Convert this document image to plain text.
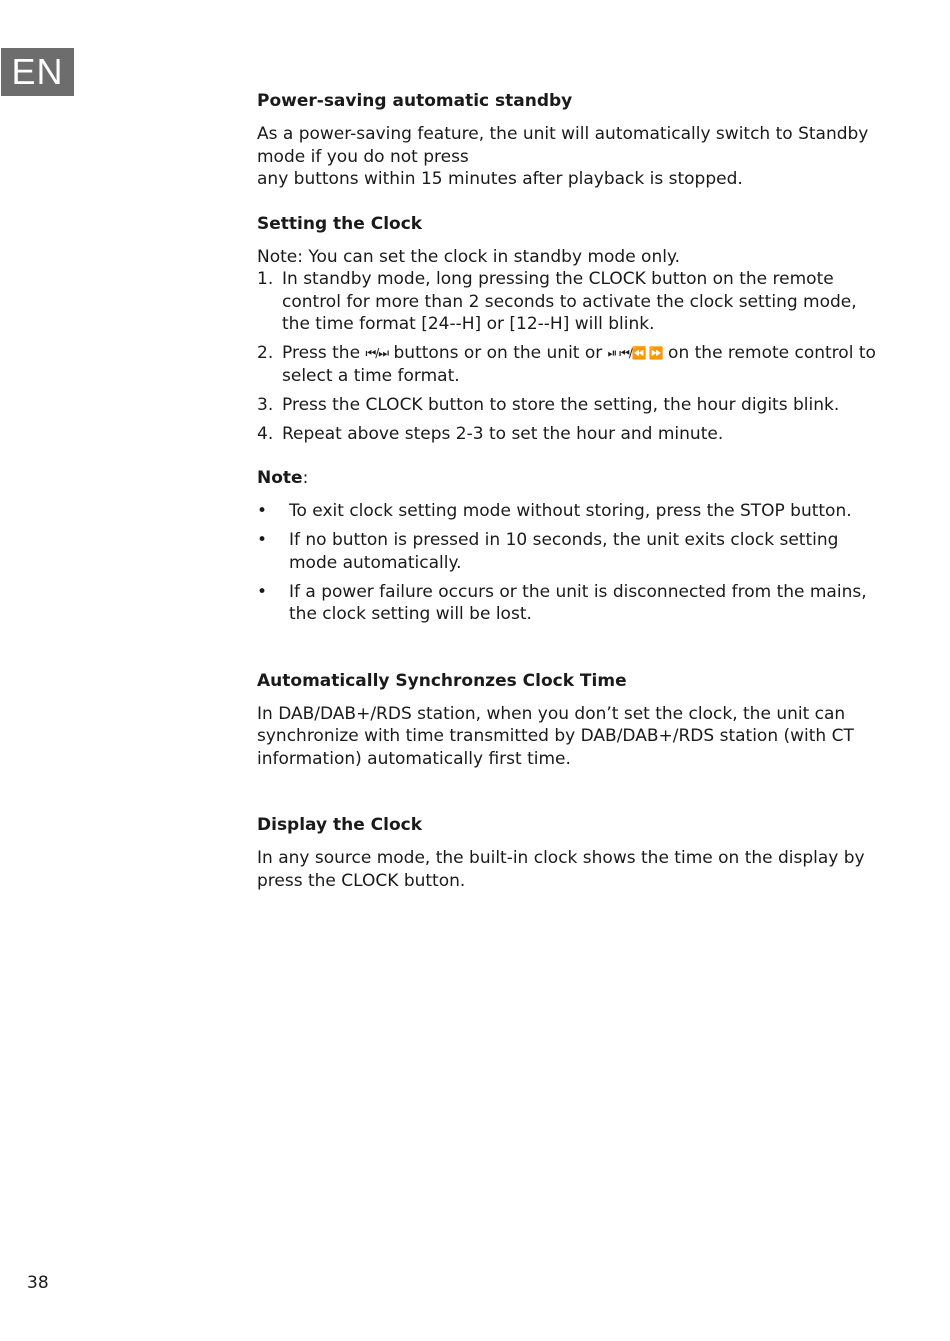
EN
Power-saving automatic standby

As a power-saving feature, the unit will automatically switch to Standby

mode if you do not press

any buttons within 15 minutes after playback is stopped.

Setting the Clock

Note: You can set the clock in standby mode only.

1. In standby mode, long pressing the CLOCK button on the remote control for more than 2 seconds to activate the clock setting mode, the time format [24--H] or [12--H] will blink.
2. Press the ⏮/⏭ buttons or on the unit or ⏯ ⏮/⏪ ⏩ on the remote control to select a time format.
3. Press the CLOCK button to store the setting, the hour digits blink.
4. Repeat above steps 2-3 to set the hour and minute.
Note:
• To exit clock setting mode without storing, press the STOP button.
• If no button is pressed in 10 seconds, the unit exits clock setting mode automatically.
• If a power failure occurs or the unit is disconnected from the mains, the clock setting will be lost.
Automatically Synchronzes Clock Time

In DAB/DAB+/RDS station, when you don’t set the clock, the unit can synchronize with time transmitted by DAB/DAB+/RDS station (with CT information) automatically first time.

Display the Clock

In any source mode, the built-in clock shows the time on the display by press the CLOCK button.

38
